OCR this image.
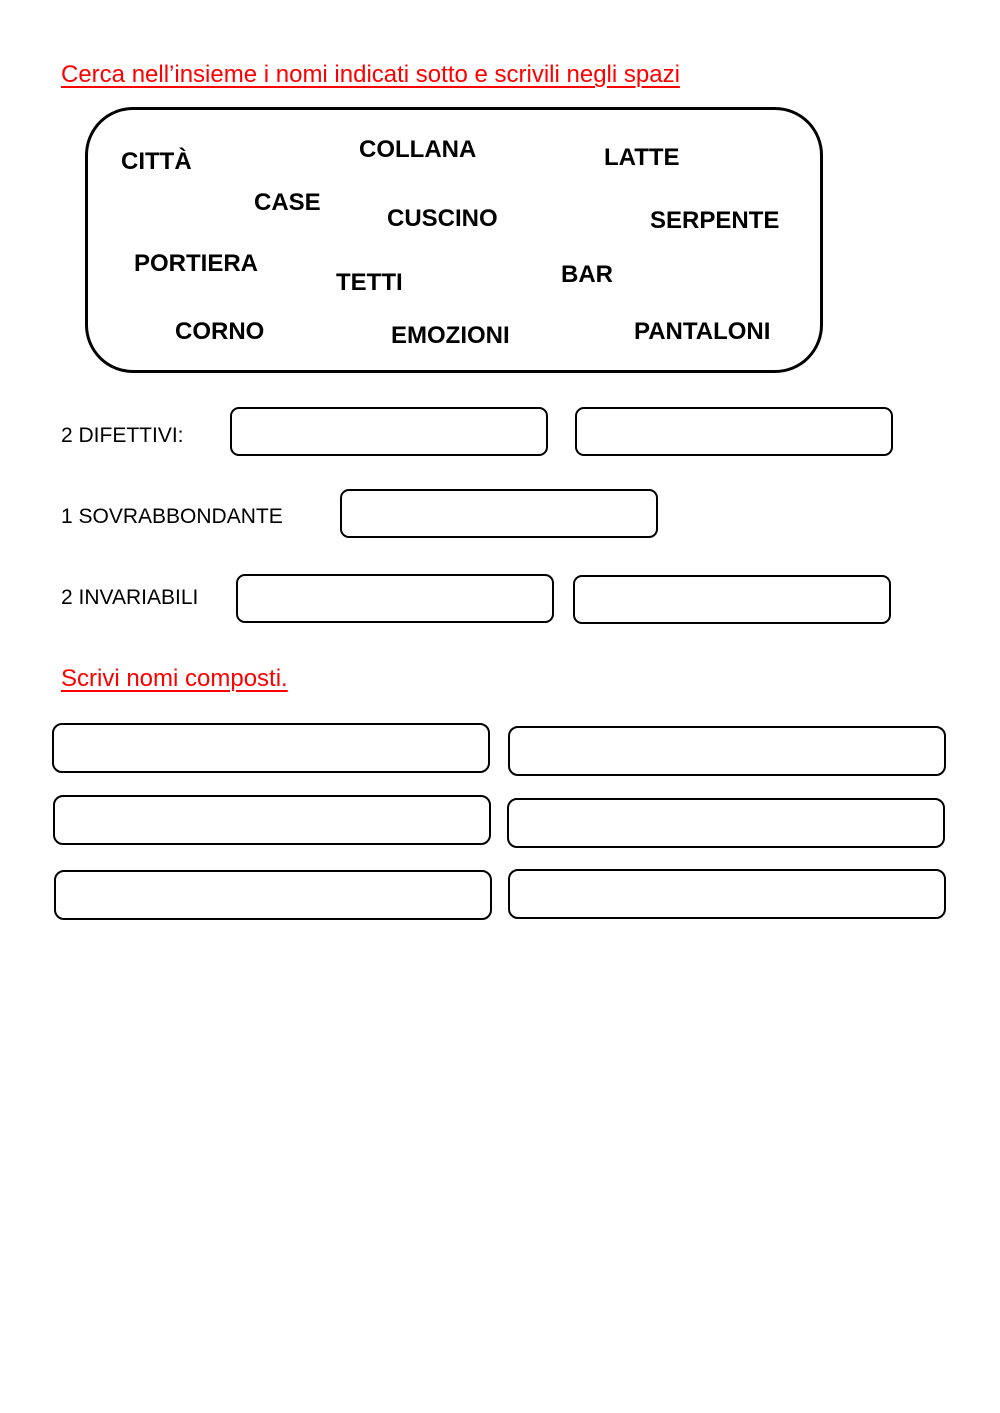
Cerca nell’insieme i nomi indicati sotto e scrivili negli spazi
CITTÀ	COLLANA	LATTE
CASE
CUSCINO	SERPENTE
PORTIERA
TETTI	BAR
CORNO	EMOZIONI	PANTALONI
2 DIFETTIVI:
1 SOVRABBONDANTE
2 INVARIABILI
Scrivi nomi composti.
